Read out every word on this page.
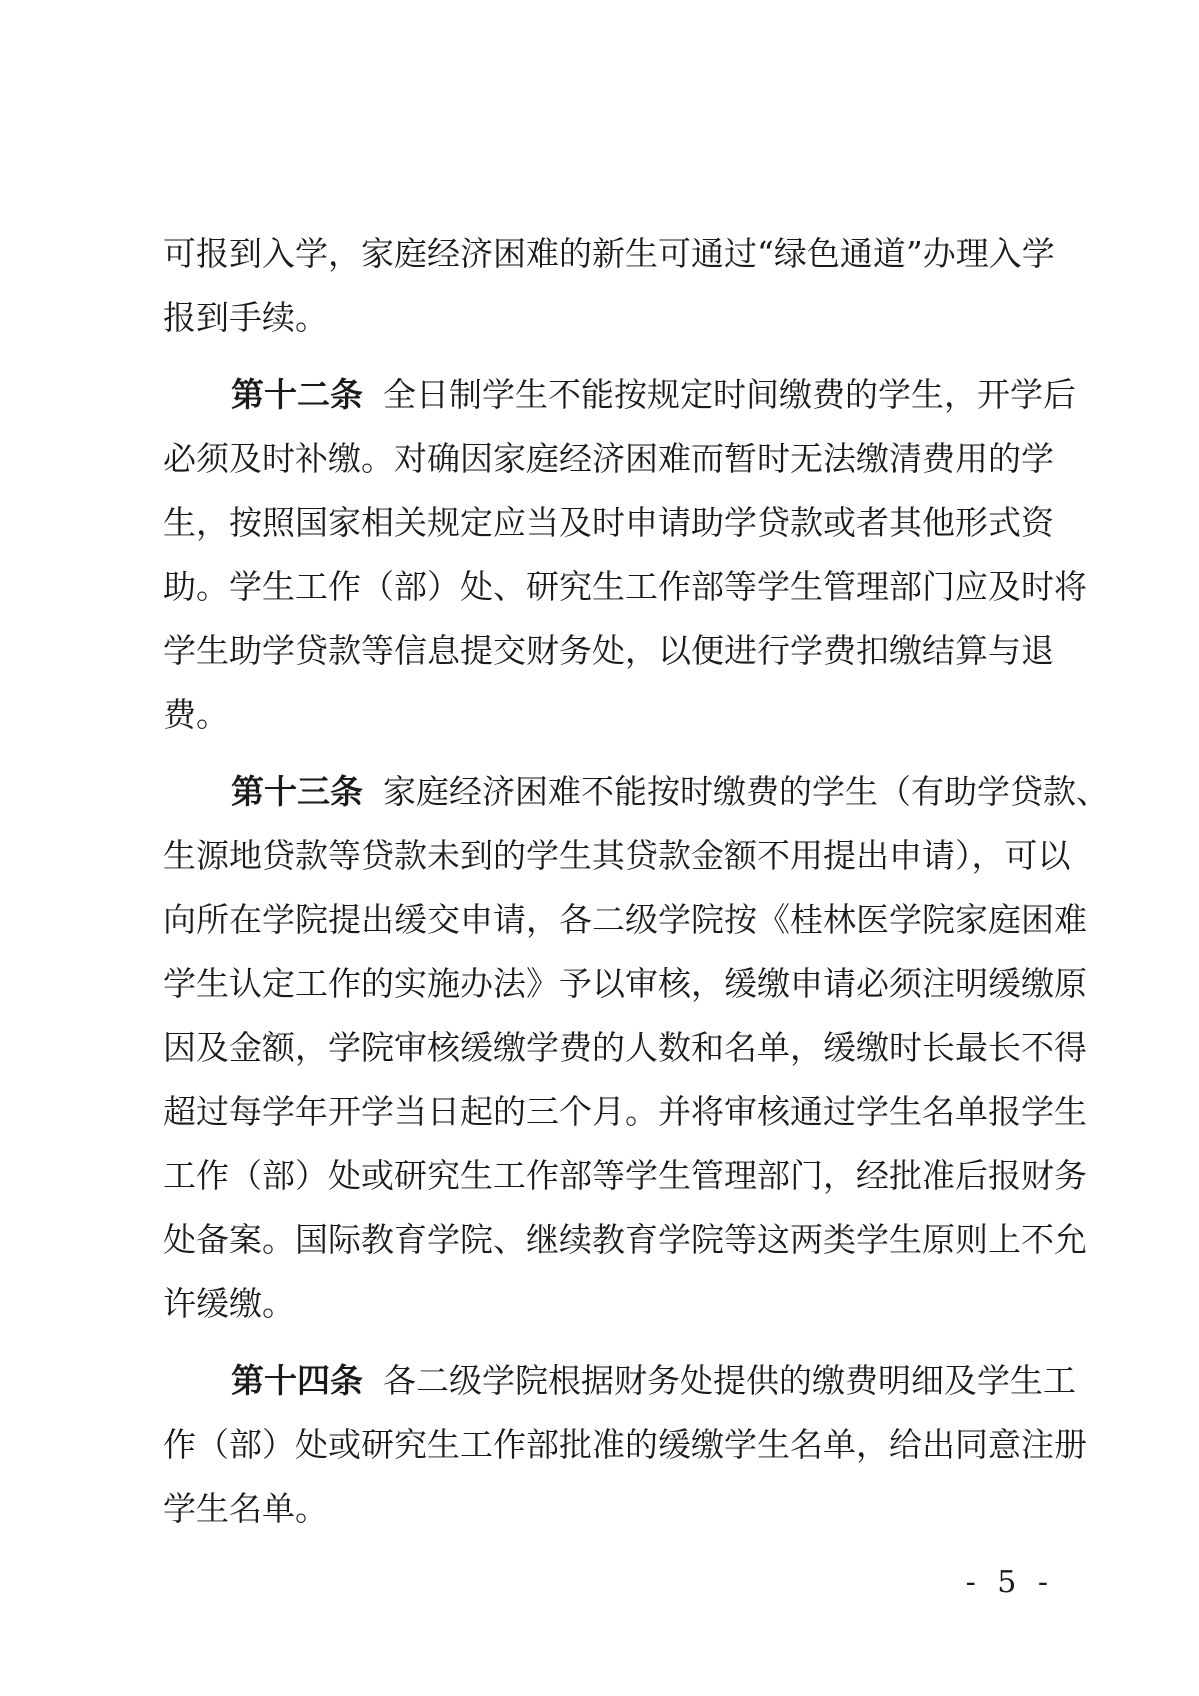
可报到入学，家庭经济困难的新生可通过“绿色通道”办理入学
报到手续。
第十二条 全日制学生不能按规定时间缴费的学生，开学后
必须及时补缴。对确因家庭经济困难而暂时无法缴清费用的学
生，按照国家相关规定应当及时申请助学贷款或者其他形式资
助。学生工作（部）处、研究生工作部等学生管理部门应及时将
学生助学贷款等信息提交财务处，以便进行学费扣缴结算与退
费。
第十三条 家庭经济困难不能按时缴费的学生（有助学贷款、
生源地贷款等贷款未到的学生其贷款金额不用提出申请），可以
向所在学院提出缓交申请，各二级学院按《桂林医学院家庭困难
学生认定工作的实施办法》予以审核，缓缴申请必须注明缓缴原
因及金额，学院审核缓缴学费的人数和名单，缓缴时长最长不得
超过每学年开学当日起的三个月。并将审核通过学生名单报学生
工作（部）处或研究生工作部等学生管理部门，经批准后报财务
处备案。国际教育学院、继续教育学院等这两类学生原则上不允
许缓缴。
第十四条 各二级学院根据财务处提供的缴费明细及学生工
作（部）处或研究生工作部批准的缓缴学生名单，给出同意注册
学生名单。
- 5 -
